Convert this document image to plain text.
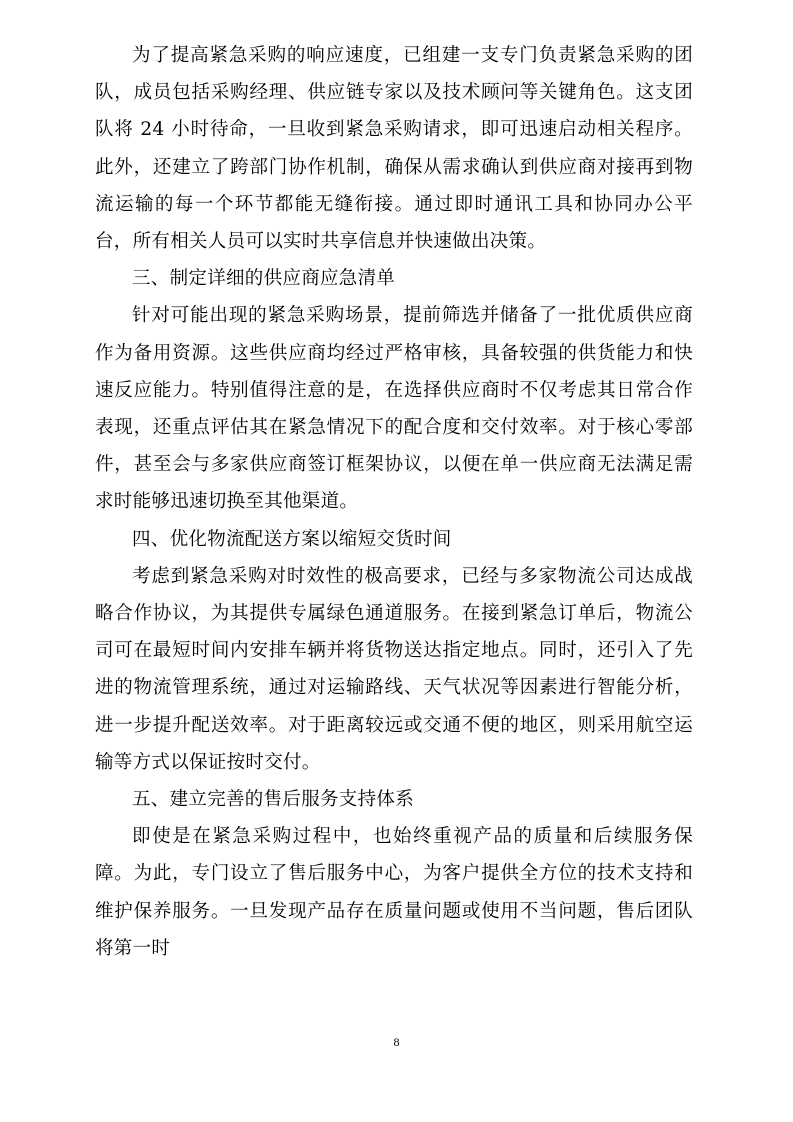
为了提高紧急采购的响应速度，已组建一支专门负责紧急采购的团队，成员包括采购经理、供应链专家以及技术顾问等关键角色。这支团队将 24 小时待命，一旦收到紧急采购请求，即可迅速启动相关程序。此外，还建立了跨部门协作机制，确保从需求确认到供应商对接再到物流运输的每一个环节都能无缝衔接。通过即时通讯工具和协同办公平台，所有相关人员可以实时共享信息并快速做出决策。

三、制定详细的供应商应急清单

针对可能出现的紧急采购场景，提前筛选并储备了一批优质供应商作为备用资源。这些供应商均经过严格审核，具备较强的供货能力和快速反应能力。特别值得注意的是，在选择供应商时不仅考虑其日常合作表现，还重点评估其在紧急情况下的配合度和交付效率。对于核心零部件，甚至会与多家供应商签订框架协议，以便在单一供应商无法满足需求时能够迅速切换至其他渠道。

四、优化物流配送方案以缩短交货时间

考虑到紧急采购对时效性的极高要求，已经与多家物流公司达成战略合作协议，为其提供专属绿色通道服务。在接到紧急订单后，物流公司可在最短时间内安排车辆并将货物送达指定地点。同时，还引入了先进的物流管理系统，通过对运输路线、天气状况等因素进行智能分析，进一步提升配送效率。对于距离较远或交通不便的地区，则采用航空运输等方式以保证按时交付。

五、建立完善的售后服务支持体系

即使是在紧急采购过程中，也始终重视产品的质量和后续服务保障。为此，专门设立了售后服务中心，为客户提供全方位的技术支持和维护保养服务。一旦发现产品存在质量问题或使用不当问题，售后团队将第一时

8
